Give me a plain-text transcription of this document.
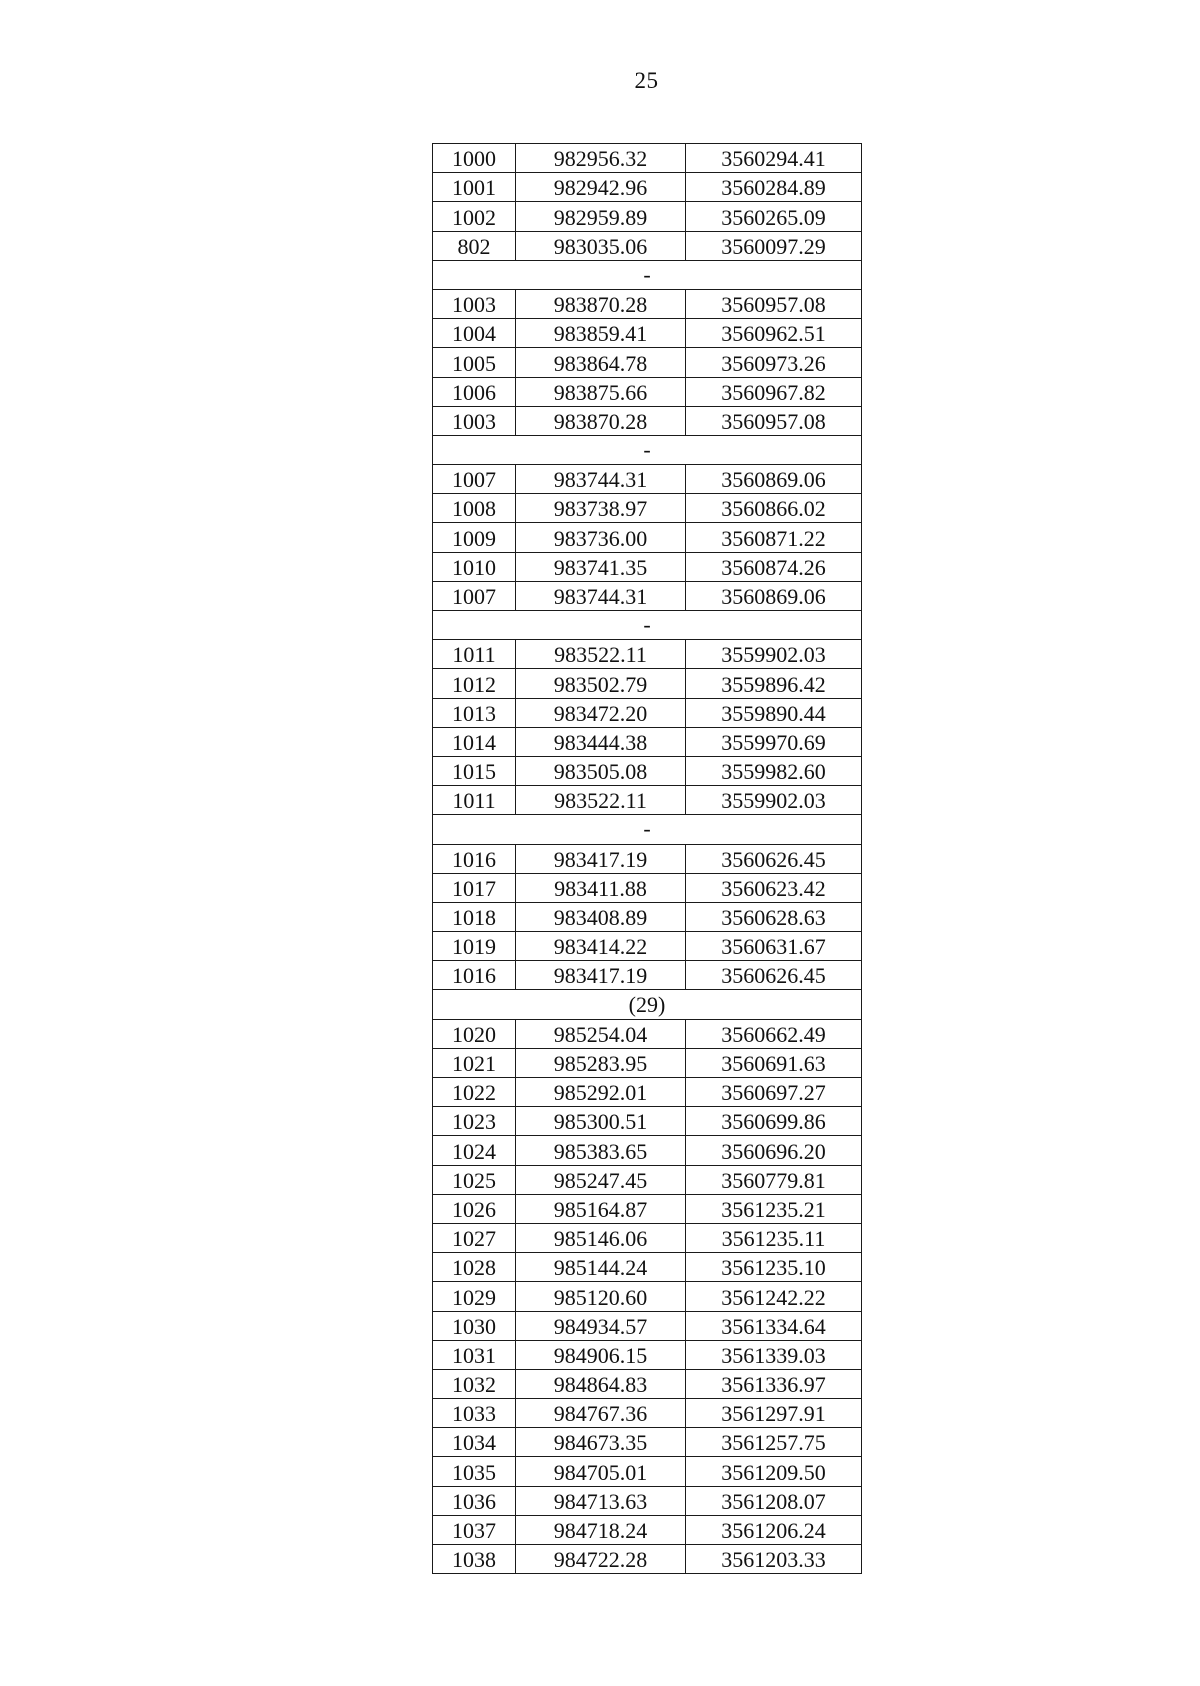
25
1000	982956.32	3560294.41
1001	982942.96	3560284.89
1002	982959.89	3560265.09
802	983035.06	3560097.29
-		
1003	983870.28	3560957.08
1004	983859.41	3560962.51
1005	983864.78	3560973.26
1006	983875.66	3560967.82
1003	983870.28	3560957.08
-		
1007	983744.31	3560869.06
1008	983738.97	3560866.02
1009	983736.00	3560871.22
1010	983741.35	3560874.26
1007	983744.31	3560869.06
-		
1011	983522.11	3559902.03
1012	983502.79	3559896.42
1013	983472.20	3559890.44
1014	983444.38	3559970.69
1015	983505.08	3559982.60
1011	983522.11	3559902.03
-		
1016	983417.19	3560626.45
1017	983411.88	3560623.42
1018	983408.89	3560628.63
1019	983414.22	3560631.67
1016	983417.19	3560626.45
(29)		
1020	985254.04	3560662.49
1021	985283.95	3560691.63
1022	985292.01	3560697.27
1023	985300.51	3560699.86
1024	985383.65	3560696.20
1025	985247.45	3560779.81
1026	985164.87	3561235.21
1027	985146.06	3561235.11
1028	985144.24	3561235.10
1029	985120.60	3561242.22
1030	984934.57	3561334.64
1031	984906.15	3561339.03
1032	984864.83	3561336.97
1033	984767.36	3561297.91
1034	984673.35	3561257.75
1035	984705.01	3561209.50
1036	984713.63	3561208.07
1037	984718.24	3561206.24
1038	984722.28	3561203.33
